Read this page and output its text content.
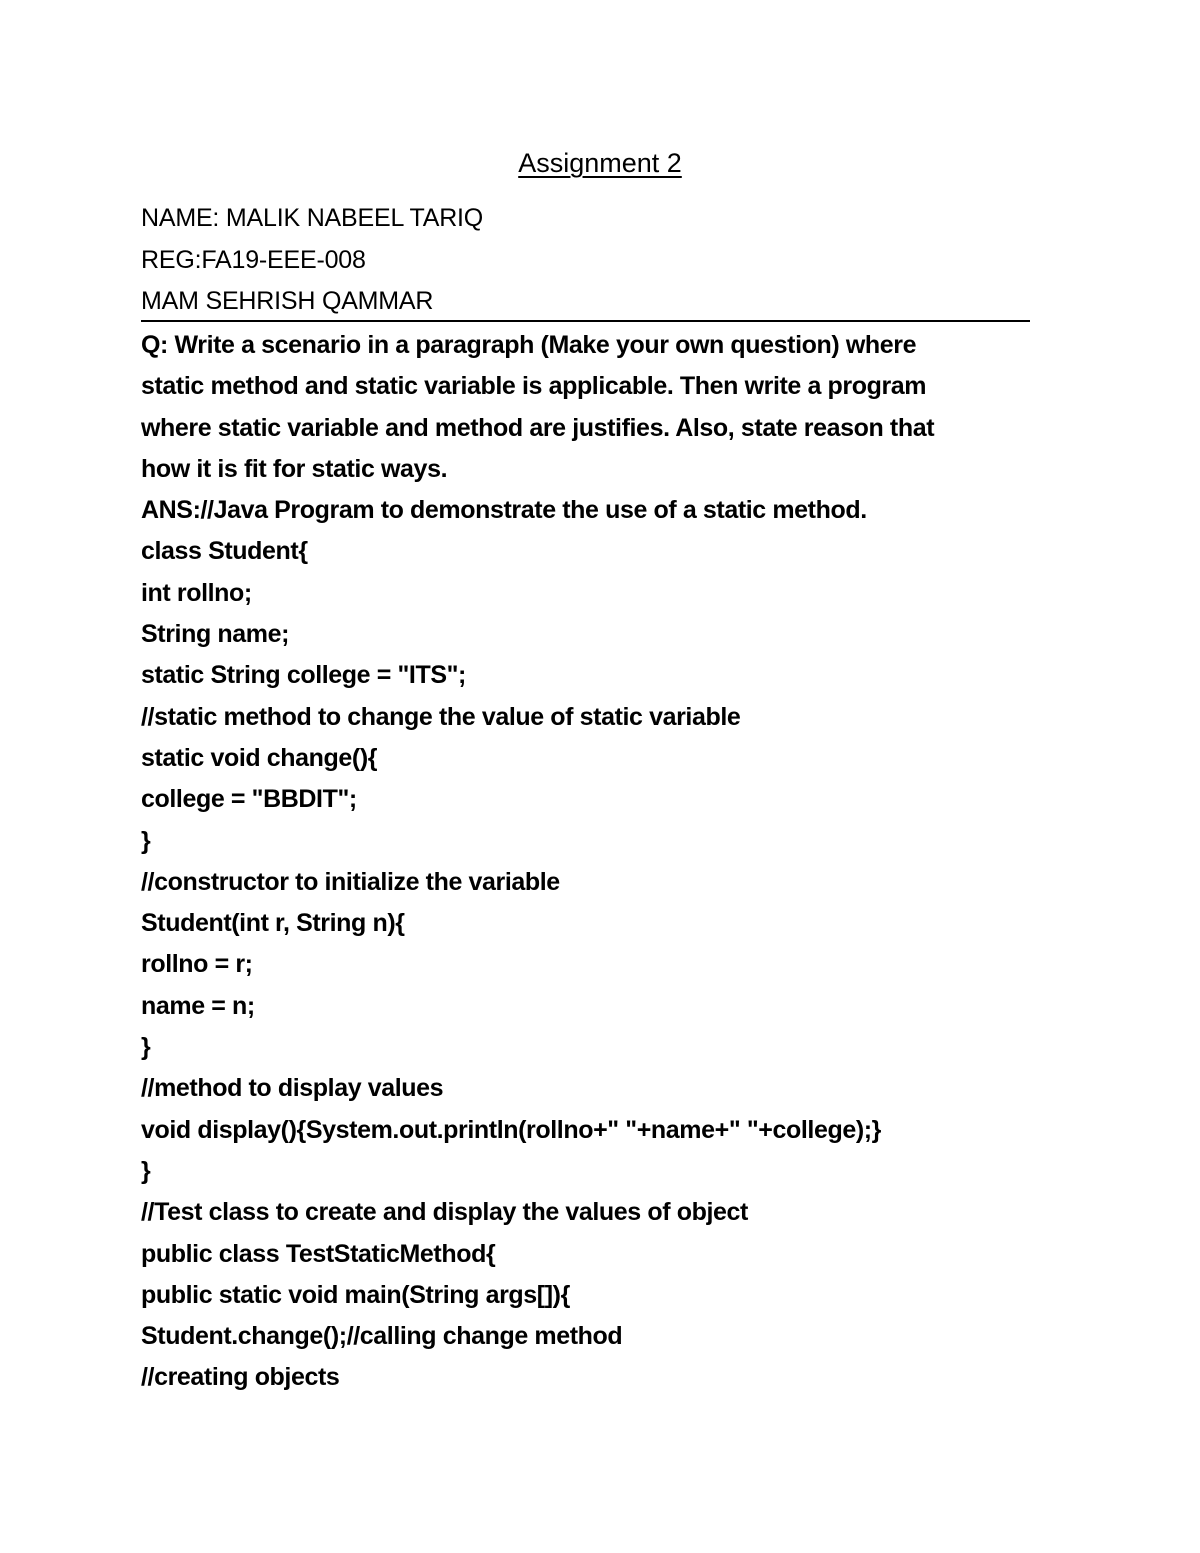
Assignment 2
NAME: MALIK NABEEL TARIQ
REG:FA19-EEE-008
MAM SEHRISH QAMMAR
Q: Write a scenario in a paragraph (Make your own question) where
static method and static variable is applicable. Then write a program
where static variable and method are justifies. Also, state reason that
how it is fit for static ways.
ANS://Java Program to demonstrate the use of a static method.
class Student{
int rollno;
String name;
static String college = "ITS";
//static method to change the value of static variable
static void change(){
college = "BBDIT";
}
//constructor to initialize the variable
Student(int r, String n){
rollno = r;
name = n;
}
//method to display values
void display(){System.out.println(rollno+" "+name+" "+college);}
}
//Test class to create and display the values of object
public class TestStaticMethod{
public static void main(String args[]){
Student.change();//calling change method
//creating objects
